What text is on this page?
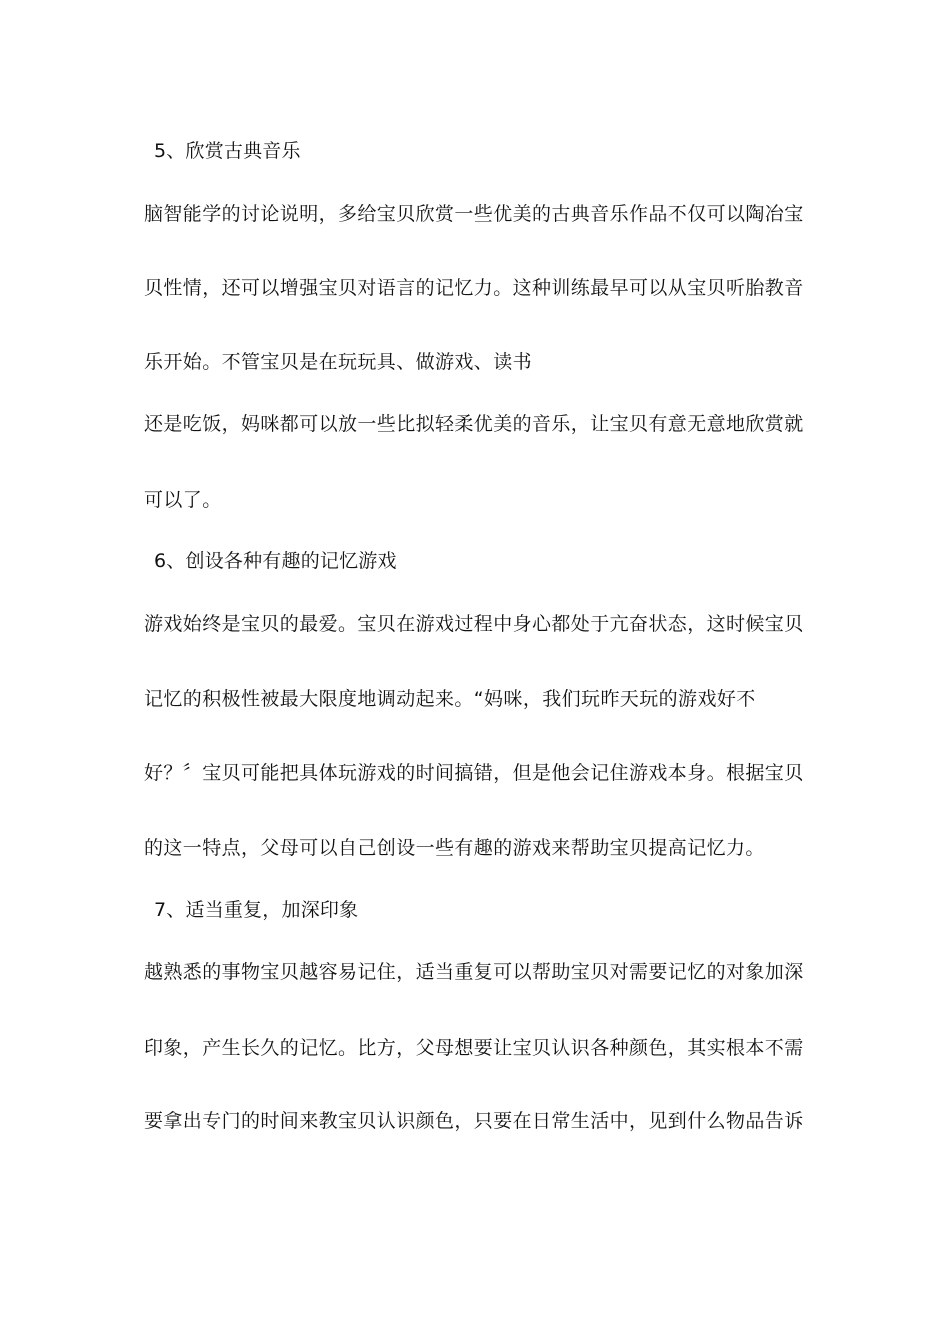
5、欣赏古典音乐
脑智能学的讨论说明，多给宝贝欣赏一些优美的古典音乐作品不仅可以陶冶宝
贝性情，还可以增强宝贝对语言的记忆力。这种训练最早可以从宝贝听胎教音
乐开始。不管宝贝是在玩玩具、做游戏、读书
还是吃饭，妈咪都可以放一些比拟轻柔优美的音乐，让宝贝有意无意地欣赏就
可以了。
6、创设各种有趣的记忆游戏
游戏始终是宝贝的最爱。宝贝在游戏过程中身心都处于亢奋状态，这时候宝贝
记忆的积极性被最大限度地调动起来。“妈咪，我们玩昨天玩的游戏好不
好？〞宝贝可能把具体玩游戏的时间搞错，但是他会记住游戏本身。根据宝贝
的这一特点，父母可以自己创设一些有趣的游戏来帮助宝贝提高记忆力。
7、适当重复，加深印象
越熟悉的事物宝贝越容易记住，适当重复可以帮助宝贝对需要记忆的对象加深
印象，产生长久的记忆。比方，父母想要让宝贝认识各种颜色，其实根本不需
要拿出专门的时间来教宝贝认识颜色，只要在日常生活中，见到什么物品告诉
